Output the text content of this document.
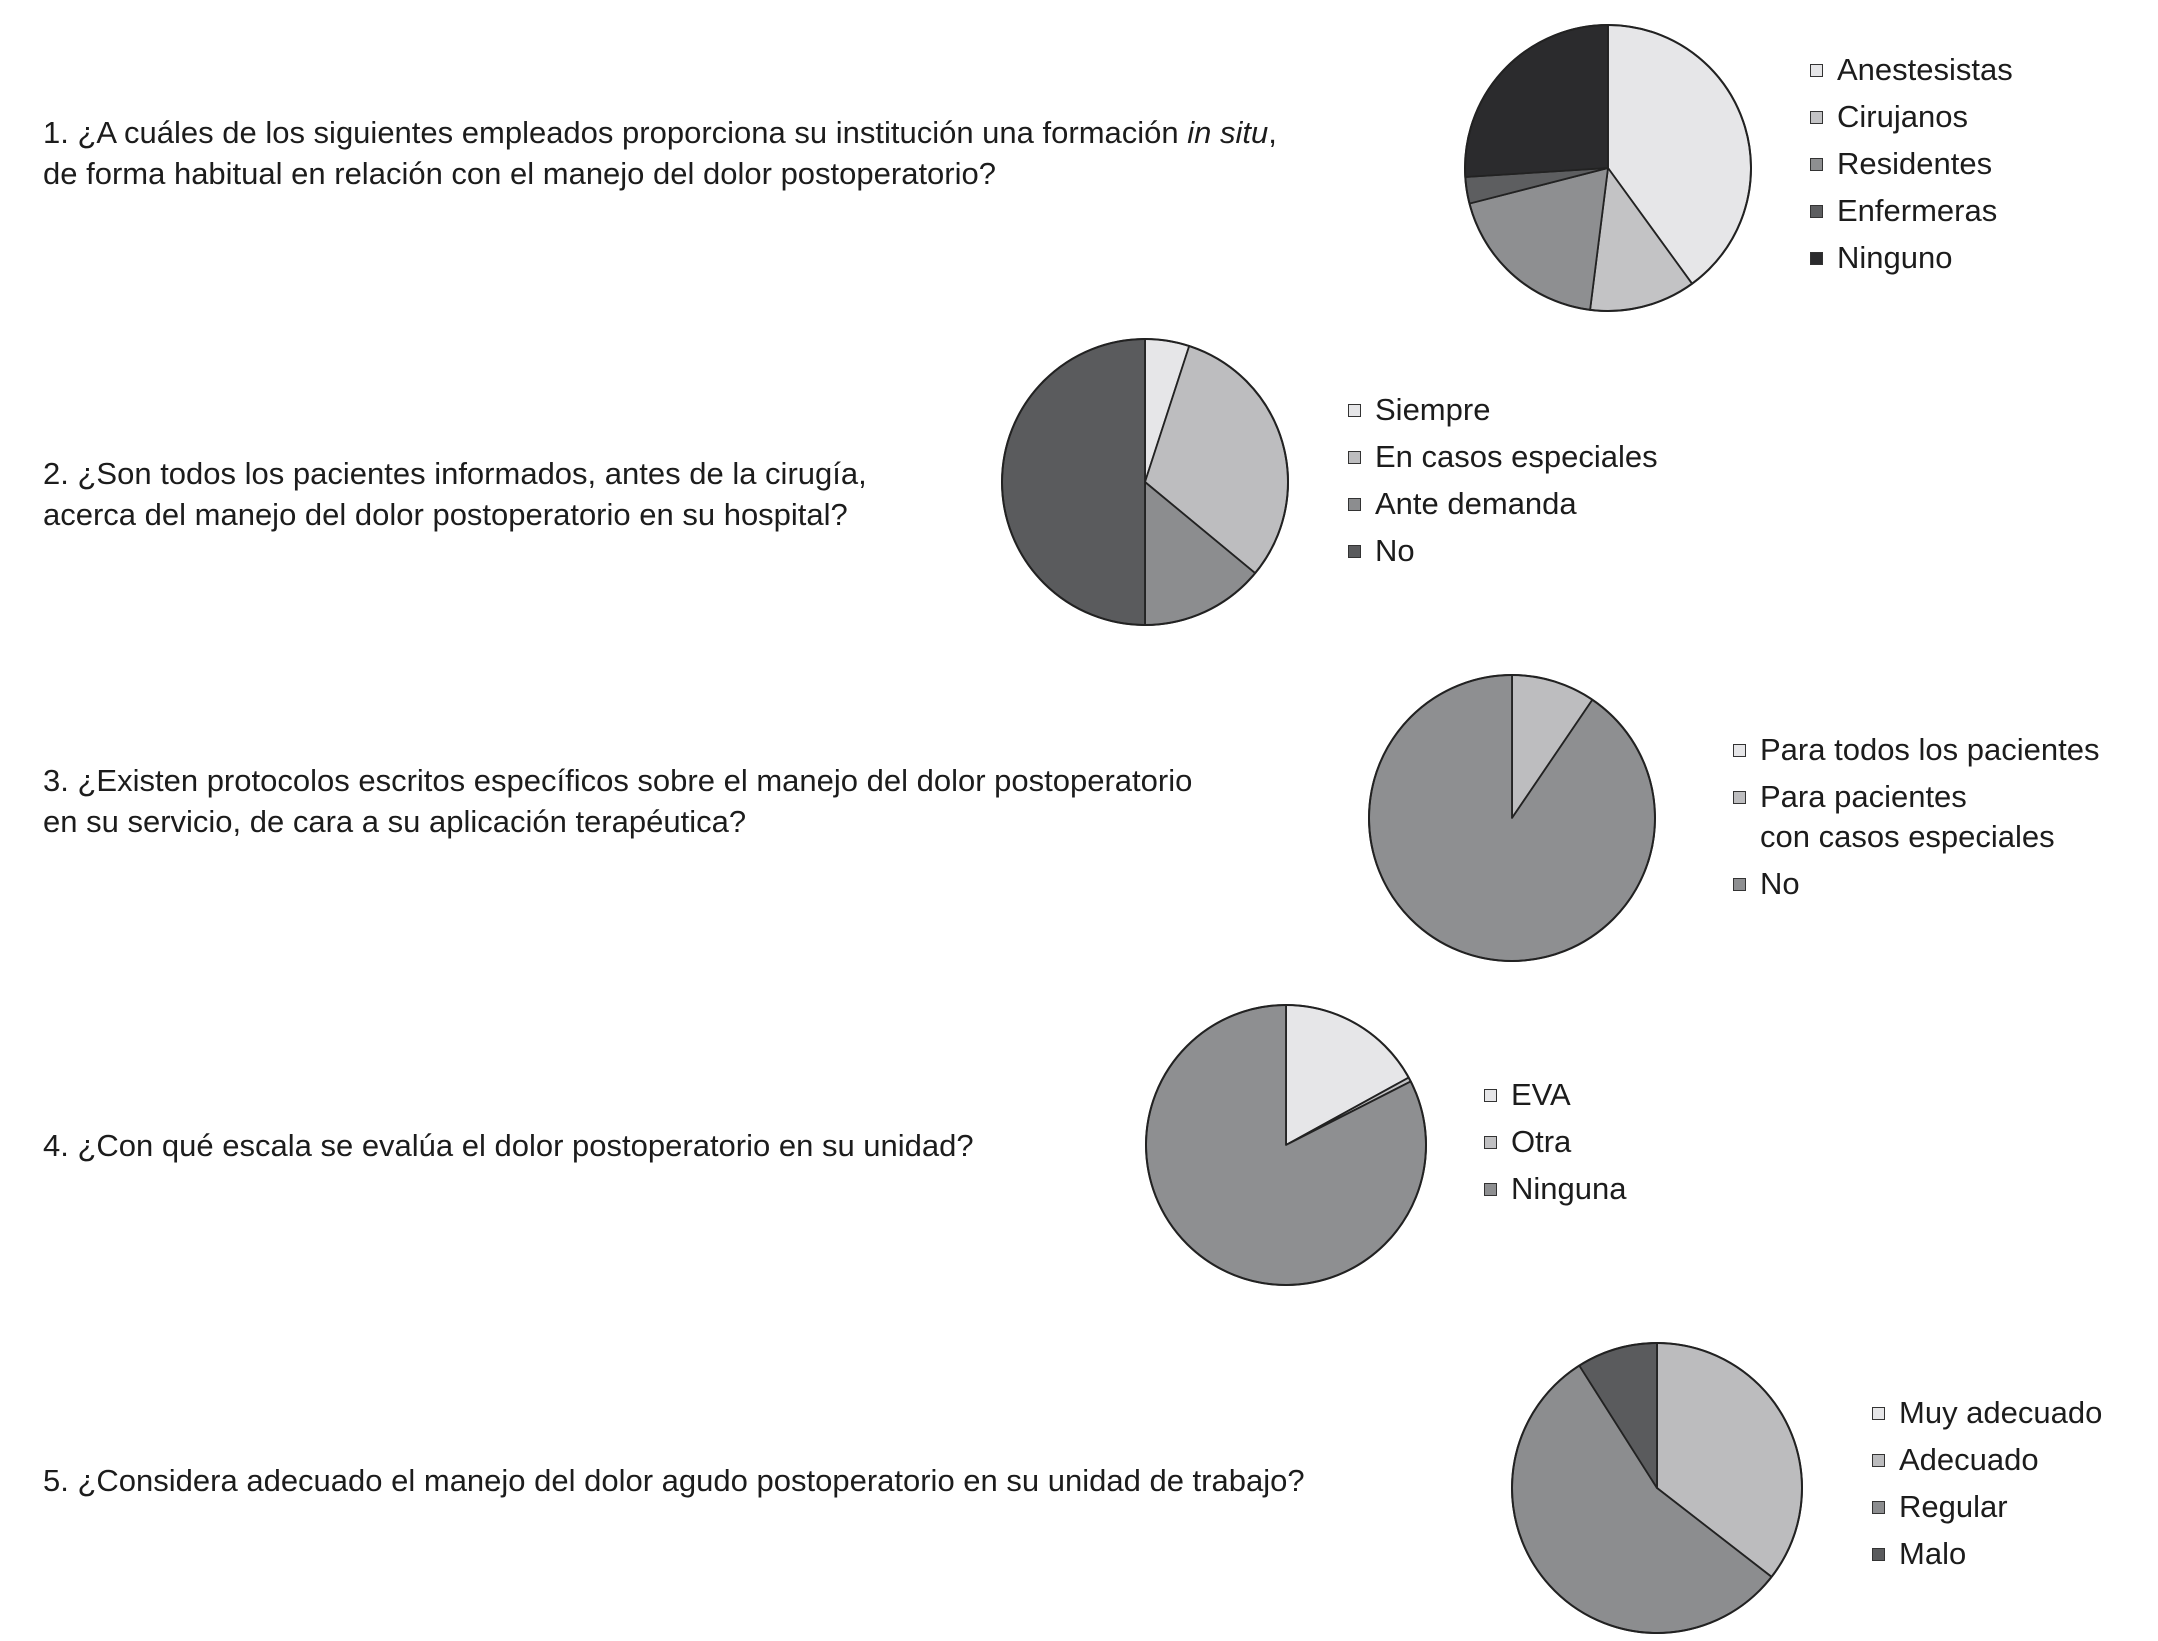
1. ¿A cuáles de los siguientes empleados proporciona su institución una formación in situ,
de forma habitual en relación con el manejo del dolor postoperatorio?
Anestesistas
Cirujanos
Residentes
Enfermeras
Ninguno
2. ¿Son todos los pacientes informados, antes de la cirugía,
acerca del manejo del dolor postoperatorio en su hospital?
Siempre
En casos especiales
Ante demanda
No
3. ¿Existen protocolos escritos específicos sobre el manejo del dolor postoperatorio
en su servicio, de cara a su aplicación terapéutica?
Para todos los pacientes
Para pacientes
con casos especiales
No
4. ¿Con qué escala se evalúa el dolor postoperatorio en su unidad?
EVA
Otra
Ninguna
5. ¿Considera adecuado el manejo del dolor agudo postoperatorio en su unidad de trabajo?
Muy adecuado
Adecuado
Regular
Malo
